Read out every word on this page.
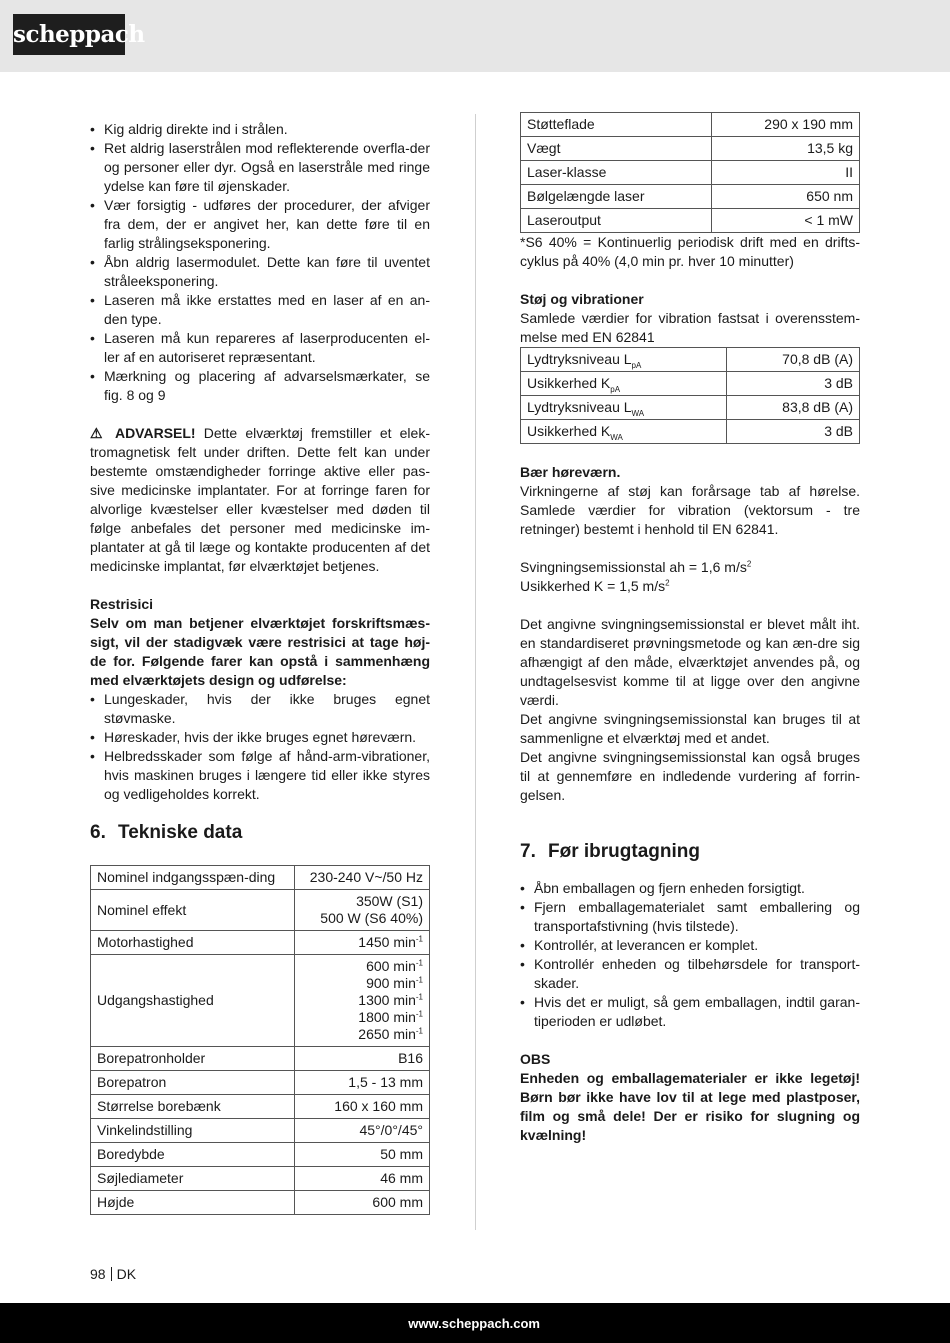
scheppach
• Kig aldrig direkte ind i strålen.
• Ret aldrig laserstrålen mod reflekterende overfla-der og personer eller dyr. Også en laserstråle med ringe ydelse kan føre til øjenskader.
• Vær forsigtig - udføres der procedurer, der afviger fra dem, der er angivet her, kan dette føre til en farlig strålingseksponering.
• Åbn aldrig lasermodulet. Dette kan føre til uventet stråleeksponering.
• Laseren må ikke erstattes med en laser af en an-den type.
• Laseren må kun repareres af laserproducenten el-ler af en autoriseret repræsentant.
• Mærkning og placering af advarselsmærkater, se fig. 8 og 9

⚠ ADVARSEL! Dette elværktøj fremstiller et elek-tromagnetisk felt under driften. Dette felt kan under bestemte omstændigheder forringe aktive eller pas-sive medicinske implantater. For at forringe faren for alvorlige kvæstelser eller kvæstelser med døden til følge anbefales det personer med medicinske im-plantater at gå til læge og kontakte producenten af det medicinske implantat, før elværktøjet betjenes.

Restrisici

Selv om man betjener elværktøjet forskriftsmæs-sigt, vil der stadigvæk være restrisici at tage høj-de for. Følgende farer kan opstå i sammenhæng med elværktøjets design og udførelse:

• Lungeskader, hvis der ikke bruges egnet støvmaske.
• Høreskader, hvis der ikke bruges egnet høreværn.
• Helbredsskader som følge af hånd-arm-vibrationer, hvis maskinen bruges i længere tid eller ikke styres og vedligeholdes korrekt.
6. Tekniske data
Nominel indgangsspæn-ding	230-240 V~/50 Hz

Nominel effekt	350W (S1)
500 W (S6 40%)

Motorhastighed	1450 $\min^{-1}$

Udgangshastighed	600 $\min^{-1}$
900 $\min^{-1}$
1300 $\min^{-1}$
1800 $\min^{-1}$
2650 $\min^{-1}$

Borepatronholder	B16

Borepatron	1,5 - 13 mm

Størrelse borebænk	160 x 160 mm

Vinkelindstilling	45°/0°/45°

Boredybde	50 mm

Søjlediameter	46 mm

Højde	600 mm
Støtteflade	290 x 190 mm
Vægt	13,5 kg
Laser-klasse	II
Bølgelængde laser	650 nm
Laseroutput	< 1 mW

*S6 40% = Kontinuerlig periodisk drift med en drifts-cyklus på 40% (4,0 min pr. hver 10 minutter)

Støj og vibrationer

Samlede værdier for vibration fastsat i overensstem-melse med EN 62841

Lydtryksniveau $L_{pA}$	70,8 dB (A)
Usikkerhed $K_{pA}$	3 dB
Lydtryksniveau $L_{WA}$	83,8 dB (A)
Usikkerhed $K_{WA}$	3 dB

Bær høreværn.

Virkningerne af støj kan forårsage tab af hørelse. Samlede værdier for vibration (vektorsum - tre retninger) bestemt i henhold til EN 62841.

Svingningsemissionstal ah = 1,6 $m/s^2$

Usikkerhed K = 1,5 $m/s^2$

Det angivne svingningsemissionstal er blevet målt iht. en standardiseret prøvningsmetode og kan æn-dre sig afhængigt af den måde, elværktøjet anvendes på, og undtagelsesvist komme til at ligge over den angivne værdi.

Det angivne svingningsemissionstal kan bruges til at sammenligne et elværktøj med et andet.

Det angivne svingningsemissionstal kan også bruges til at gennemføre en indledende vurdering af forrin-gelsen.

7. Før ibrugtagning
• Åbn emballagen og fjern enheden forsigtigt.
• Fjern emballagematerialet samt emballering og transportafstivning (hvis tilstede).
• Kontrollér, at leverancen er komplet.
• Kontrollér enheden og tilbehørsdele for transport-skader.
• Hvis det er muligt, så gem emballagen, indtil garan-tiperioden er udløbet.

OBS

Enheden og emballagematerialer er ikke legetøj! Børn bør ikke have lov til at lege med plastposer, film og små dele! Der er risiko for slugning og kvælning!

98 DK
www.scheppach.com
